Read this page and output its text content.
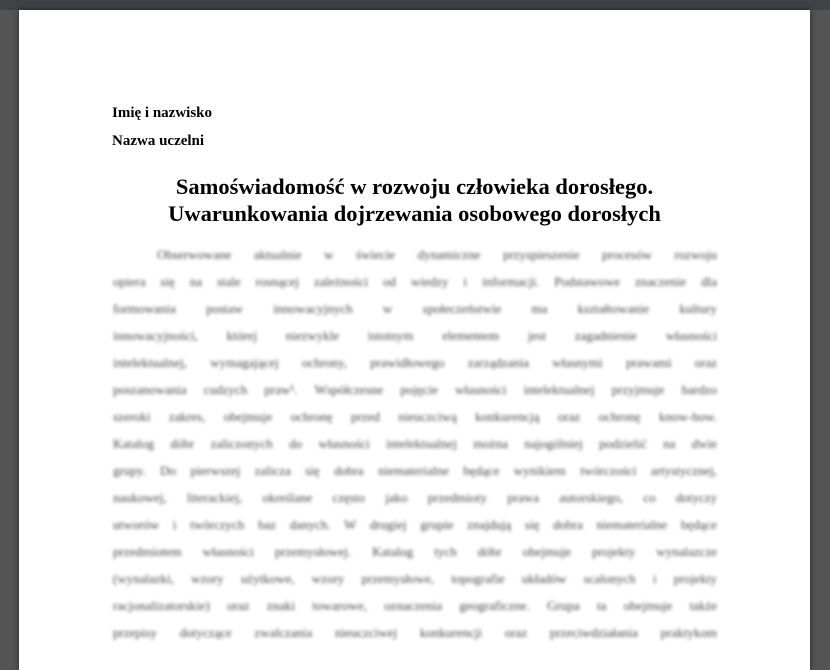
Imię i nazwisko
Nazwa uczelni
Samoświadomość w rozwoju człowieka dorosłego.
Uwarunkowania dojrzewania osobowego dorosłych
Obserwowane aktualnie w świecie dynamiczne przyspieszenie procesów rozwoju
opiera się na stale rosnącej zależności od wiedzy i informacji. Podstawowe znaczenie dla
formowania postaw innowacyjnych w społeczeństwie ma kształtowanie kultury
innowacyjności, której niezwykle istotnym elementem jest zagadnienie własności
intelektualnej, wymagającej ochrony, prawidłowego zarządzania własnymi prawami oraz
poszanowania cudzych praw¹. Współczesne pojęcie własności intelektualnej przyjmuje bardzo
szeroki zakres, obejmuje ochronę przed nieuczciwą konkurencją oraz ochronę know-how.
Katalog dóbr zaliczonych do własności intelektualnej można najogólniej podzielić na dwie
grupy. Do pierwszej zalicza się dobra niematerialne będące wynikiem twórczości artystycznej,
naukowej, literackiej, określane często jako przedmioty prawa autorskiego, co dotyczy
utworów i twórczych baz danych. W drugiej grupie znajdują się dobra niematerialne będące
przedmiotem własności przemysłowej. Katalog tych dóbr obejmuje projekty wynalazcze
(wynalazki, wzory użytkowe, wzory przemysłowe, topografie układów scalonych i projekty
racjonalizatorskie) oraz znaki towarowe, oznaczenia geograficzne. Grupa ta obejmuje także
przepisy dotyczące zwalczania nieuczciwej konkurencji oraz przeciwdziałania praktykom
